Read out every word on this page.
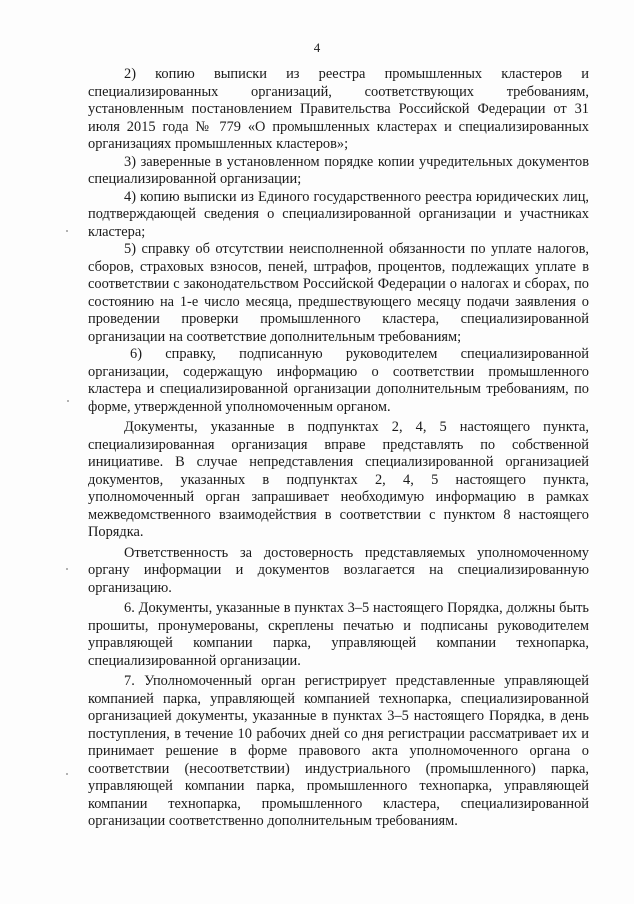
4

2) копию выписки из реестра промышленных кластеров и специализированных организаций, соответствующих требованиям, установленным постановлением Правительства Российской Федерации от 31 июля 2015 года № 779 «О промышленных кластерах и специализированных организациях промышленных кластеров»;

3) заверенные в установленном порядке копии учредительных документов специализированной организации;

4) копию выписки из Единого государственного реестра юридических лиц, подтверждающей сведения о специализированной организации и участниках кластера;

5) справку об отсутствии неисполненной обязанности по уплате налогов, сборов, страховых взносов, пеней, штрафов, процентов, подлежащих уплате в соответствии с законодательством Российской Федерации о налогах и сборах, по состоянию на 1-е число месяца, предшествующего месяцу подачи заявления о проведении проверки промышленного кластера, специализированной организации на соответствие дополнительным требованиям;

6) справку, подписанную руководителем специализированной организации, содержащую информацию о соответствии промышленного кластера и специализированной организации дополнительным требованиям, по форме, утвержденной уполномоченным органом.

Документы, указанные в подпунктах 2, 4, 5 настоящего пункта, специализированная организация вправе представлять по собственной инициативе. В случае непредставления специализированной организацией документов, указанных в подпунктах 2, 4, 5 настоящего пункта, уполномоченный орган запрашивает необходимую информацию в рамках межведомственного взаимодействия в соответствии с пунктом 8 настоящего Порядка.

Ответственность за достоверность представляемых уполномоченному органу информации и документов возлагается на специализированную организацию.

6. Документы, указанные в пунктах 3–5 настоящего Порядка, должны быть прошиты, пронумерованы, скреплены печатью и подписаны руководителем управляющей компании парка, управляющей компании технопарка, специализированной организации.

7. Уполномоченный орган регистрирует представленные управляющей компанией парка, управляющей компанией технопарка, специализированной организацией документы, указанные в пунктах 3–5 настоящего Порядка, в день поступления, в течение 10 рабочих дней со дня регистрации рассматривает их и принимает решение в форме правового акта уполномоченного органа о соответствии (несоответствии) индустриального (промышленного) парка, управляющей компании парка, промышленного технопарка, управляющей компании технопарка, промышленного кластера, специализированной организации соответственно дополнительным требованиям.
